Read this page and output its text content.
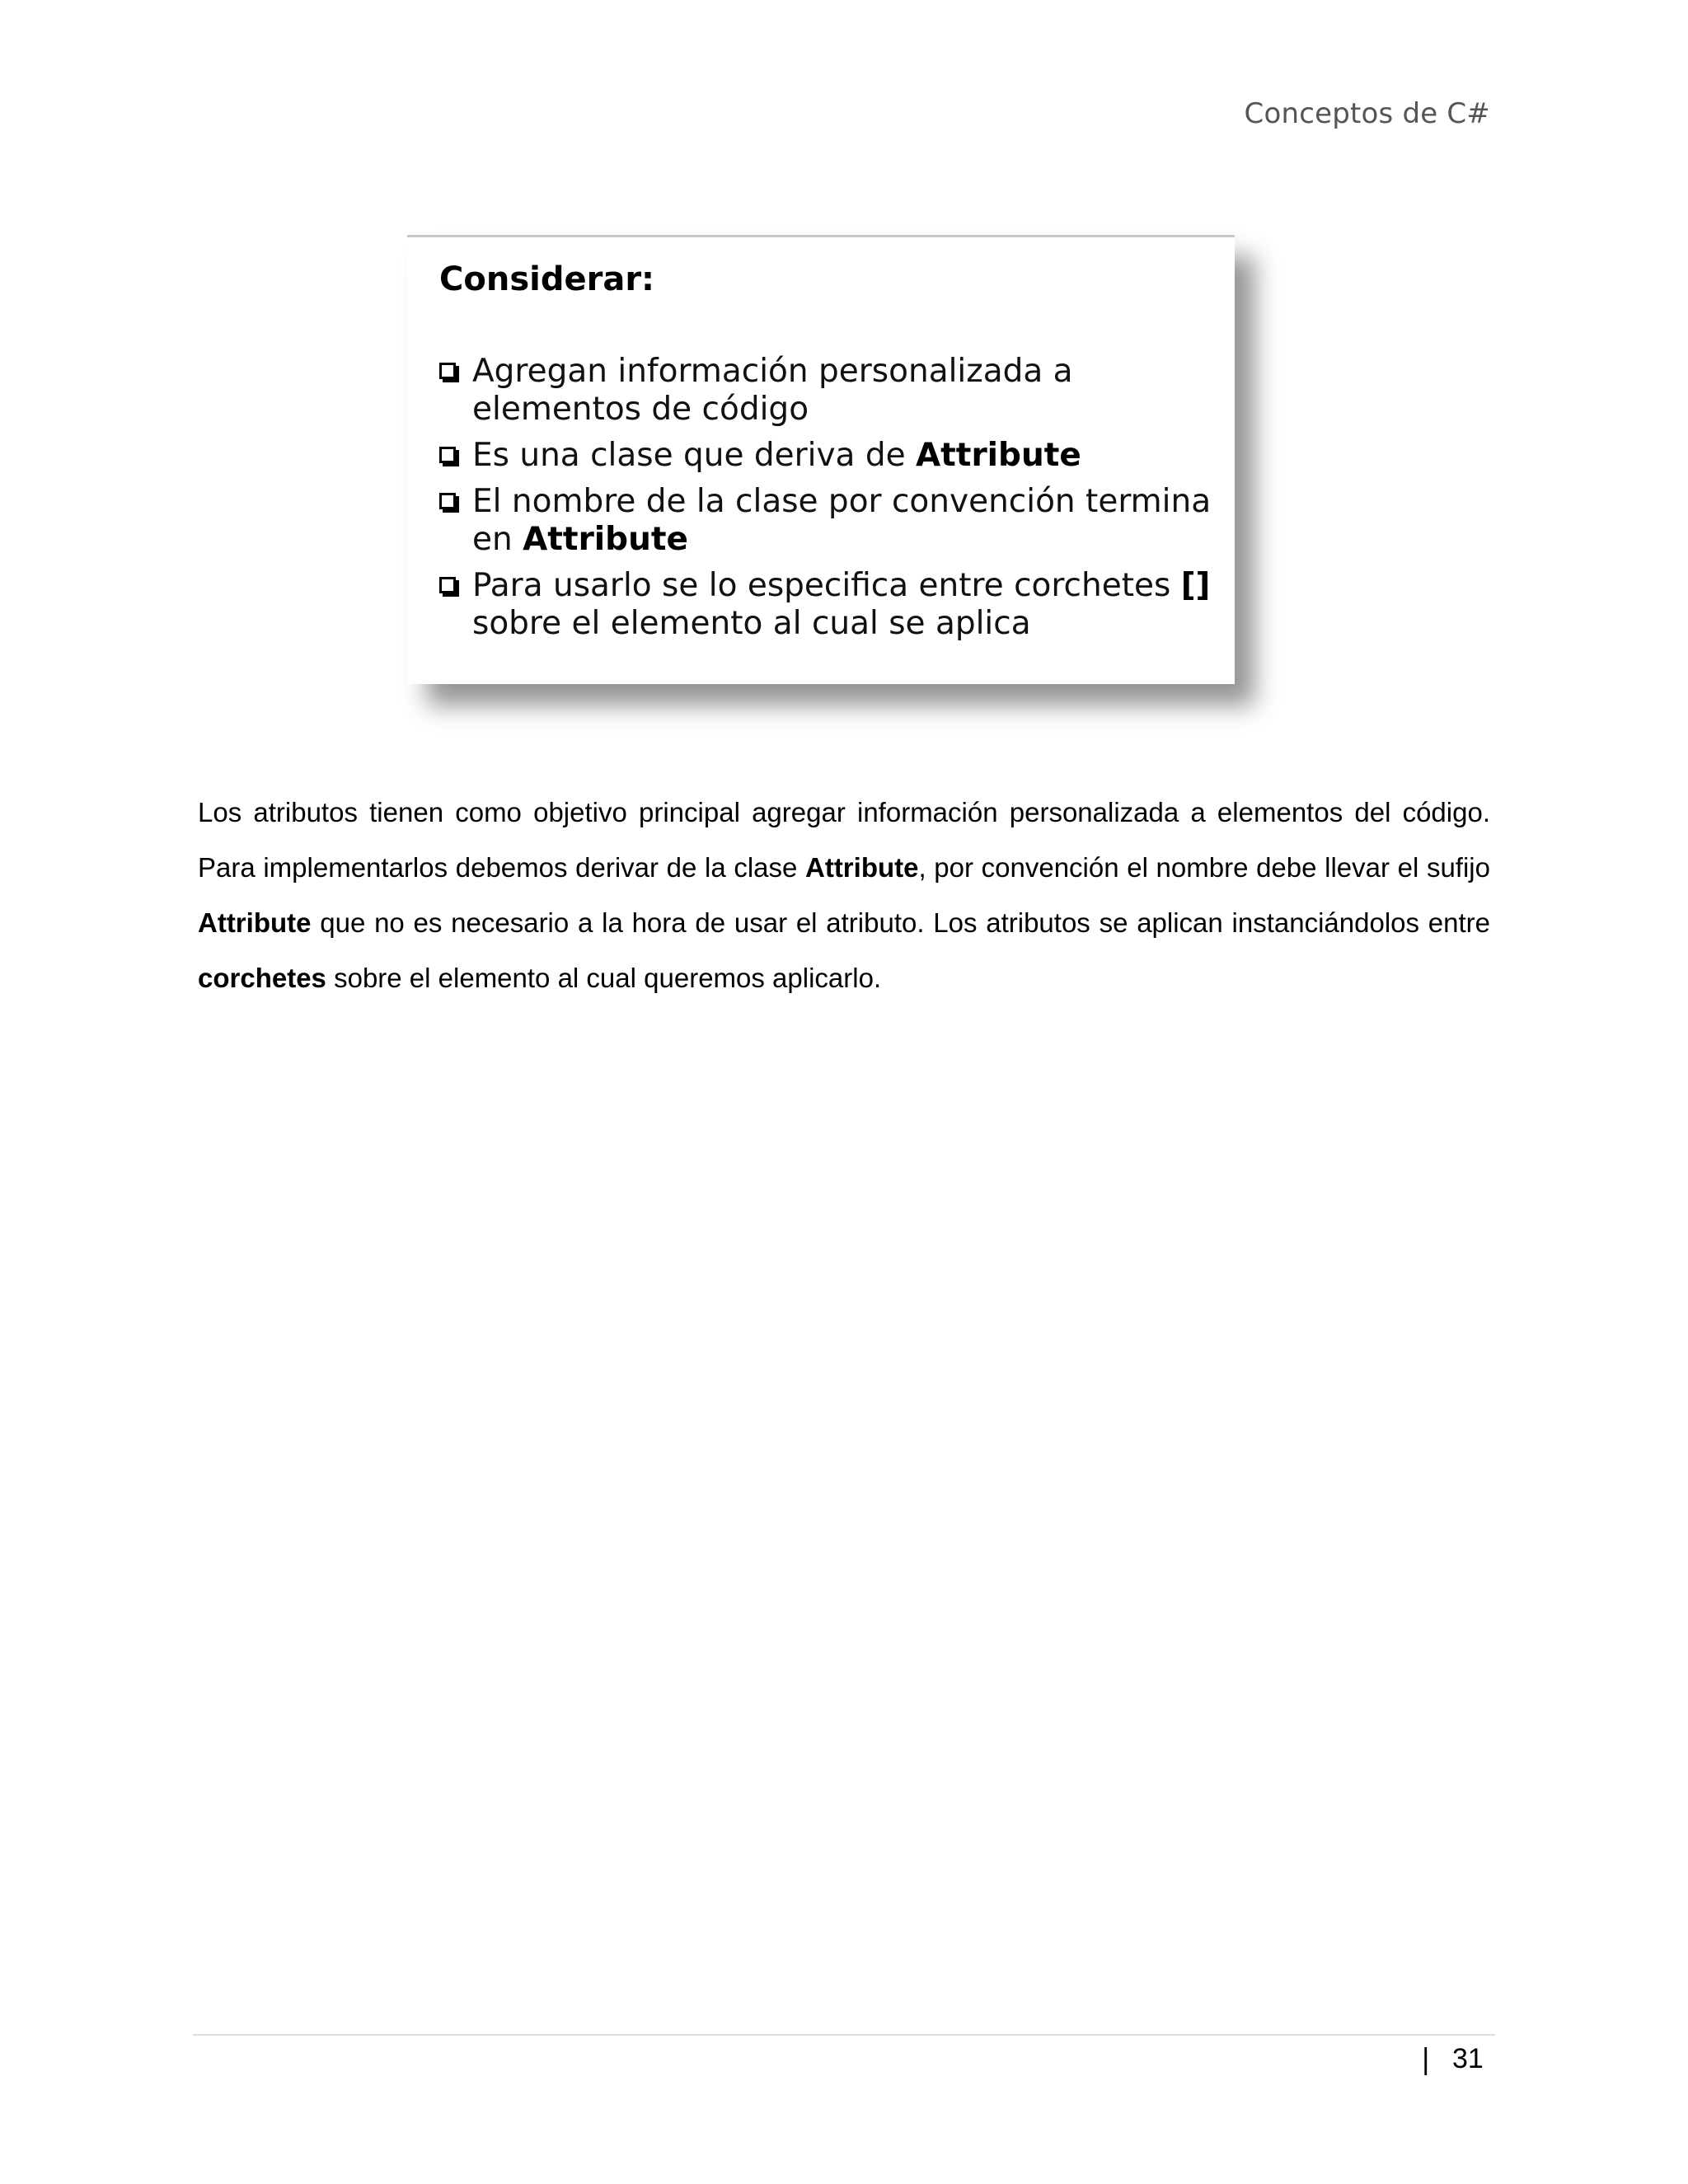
Conceptos de C#
Considerar:
Agregan información personalizada a elementos de código
Es una clase que deriva de Attribute
El nombre de la clase por convención termina en Attribute
Para usarlo se lo especifica entre corchetes [] sobre el elemento al cual se aplica

Los atributos tienen como objetivo principal agregar información personalizada a elementos del código. Para implementarlos debemos derivar de la clase Attribute, por convención el nombre debe llevar el sufijo Attribute que no es necesario a la hora de usar el atributo. Los atributos se aplican instanciándolos entre corchetes sobre el elemento al cual queremos aplicarlo.

| 31
